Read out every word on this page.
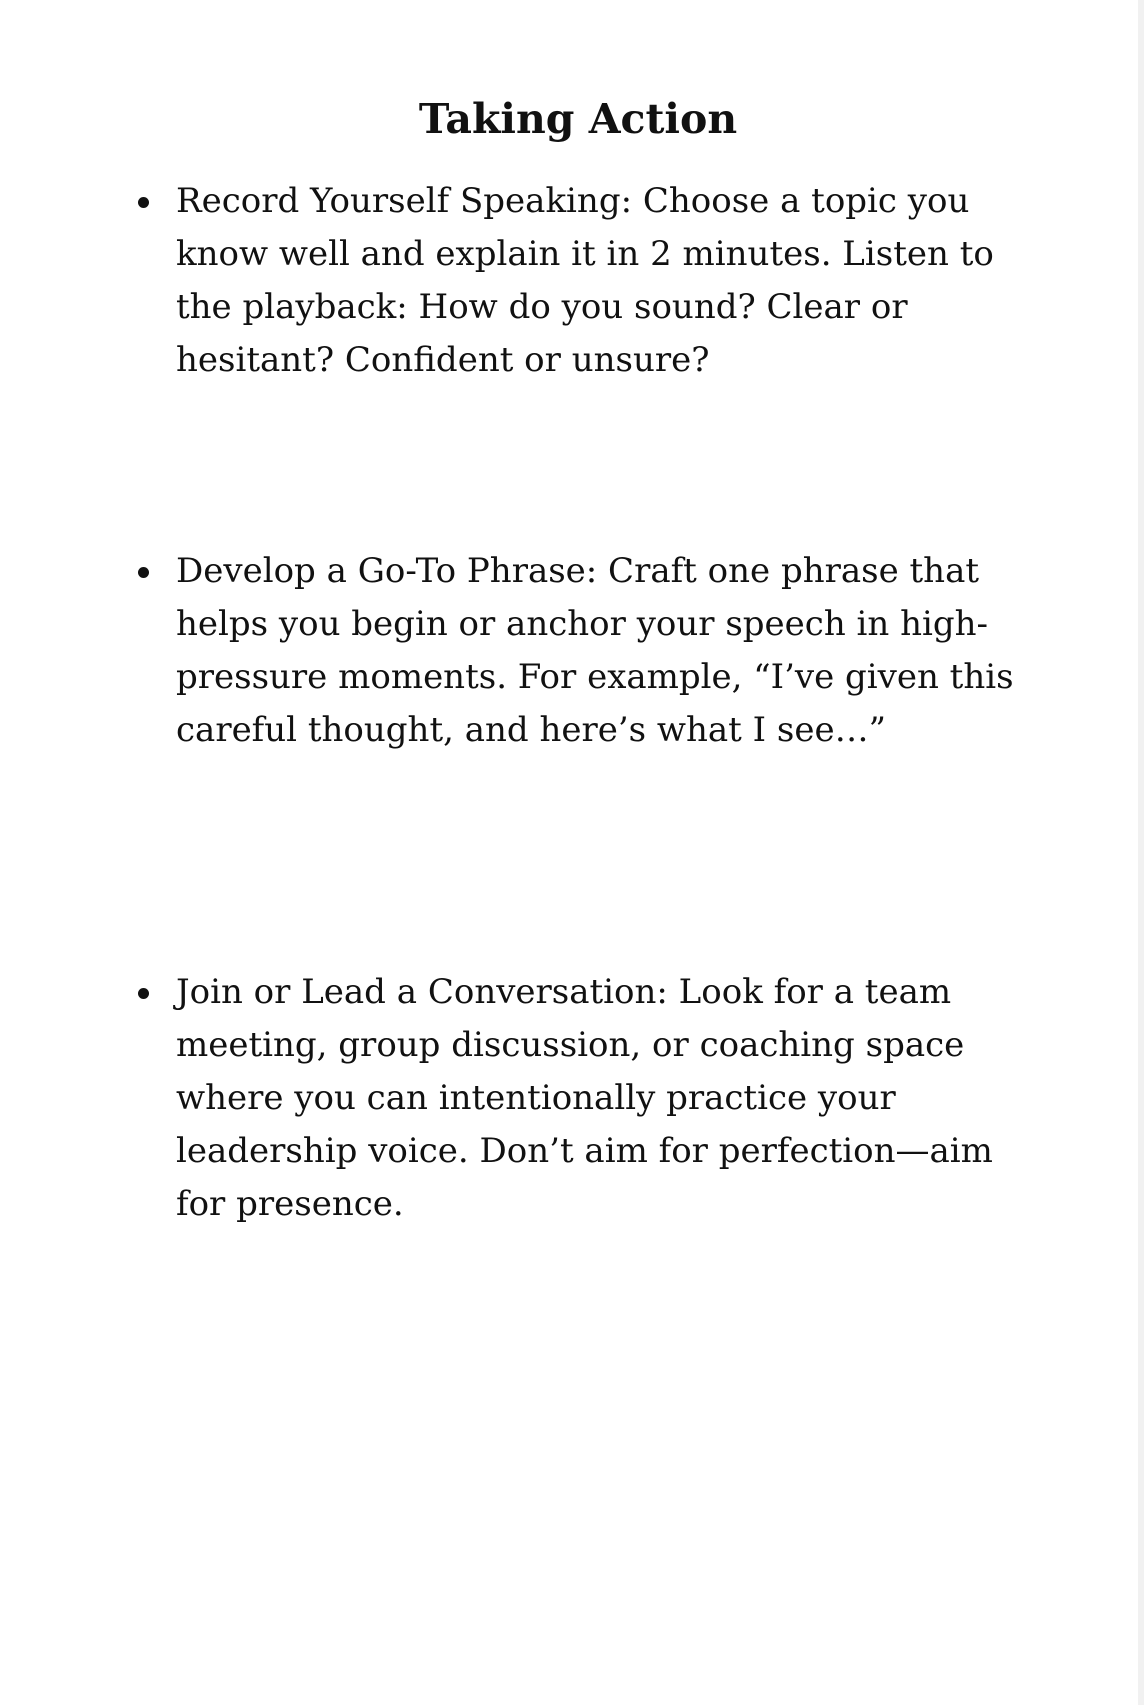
Taking Action
Record Yourself Speaking: Choose a topic you know well and explain it in 2 minutes. Listen to the playback: How do you sound? Clear or hesitant? Confident or unsure?
Develop a Go-To Phrase: Craft one phrase that helps you begin or anchor your speech in high-pressure moments. For example, “I’ve given this careful thought, and here’s what I see…”
Join or Lead a Conversation: Look for a team meeting, group discussion, or coaching space where you can intentionally practice your leadership voice. Don’t aim for perfection—aim for presence.
